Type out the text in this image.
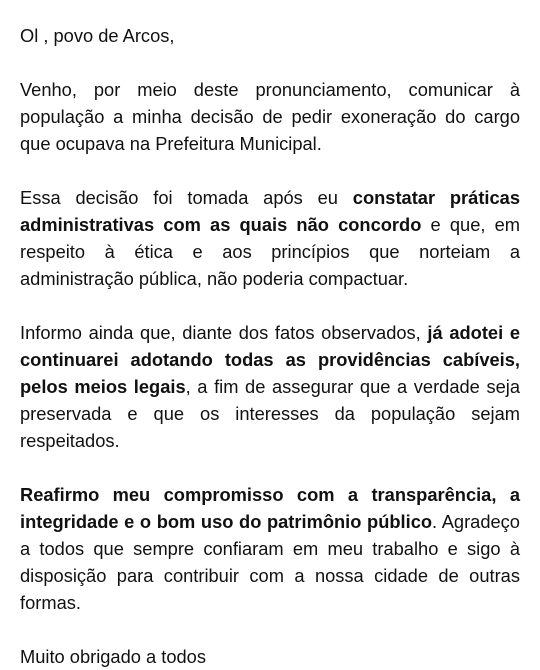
Ol , povo de Arcos,

Venho, por meio deste pronunciamento, comunicar à população a minha decisão de pedir exoneração do cargo que ocupava na Prefeitura Municipal.

Essa decisão foi tomada após eu constatar práticas administrativas com as quais não concordo e que, em respeito à ética e aos princípios que norteiam a administração pública, não poderia compactuar.

Informo ainda que, diante dos fatos observados, já adotei e continuarei adotando todas as providências cabíveis, pelos meios legais, a fim de assegurar que a verdade seja preservada e que os interesses da população sejam respeitados.

Reafirmo meu compromisso com a transparência, a integridade e o bom uso do patrimônio público. Agradeço a todos que sempre confiaram em meu trabalho e sigo à disposição para contribuir com a nossa cidade de outras formas.

Muito obrigado a todos
